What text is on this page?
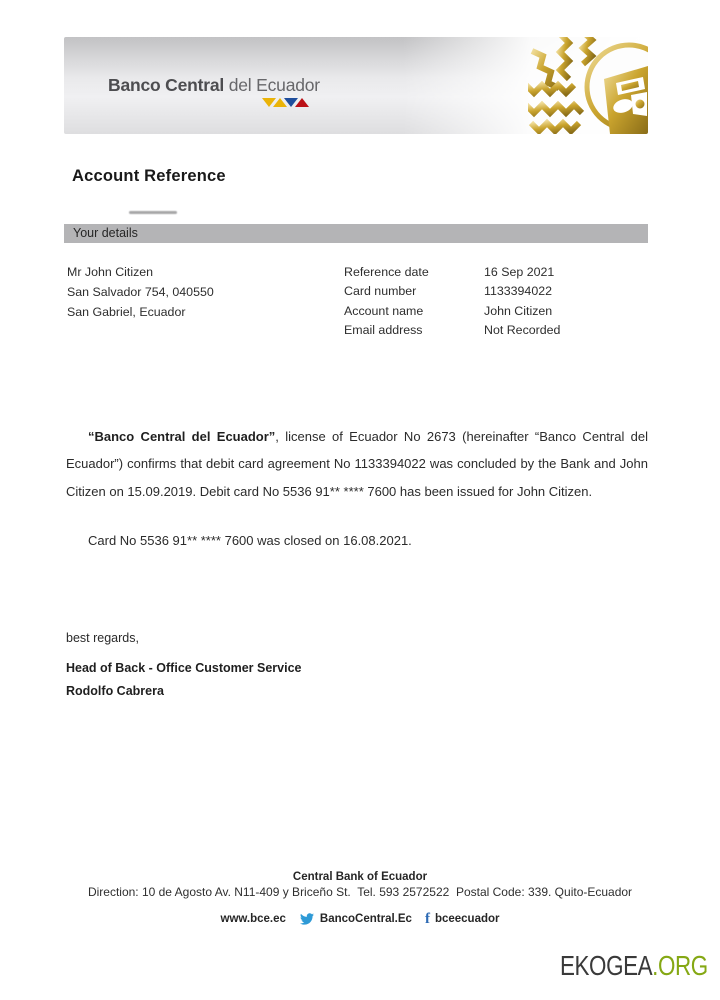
Banco Central del Ecuador
Account Reference
Your details
Mr John Citizen
San Salvador 754, 040550
San Gabriel, Ecuador
Reference date	16 Sep 2021
Card number	1133394022
Account name	John Citizen
Email address	Not Recorded
“Banco Central del Ecuador”, license of Ecuador No 2673 (hereinafter “Banco Central del Ecuador”) confirms that debit card agreement No 1133394022 was concluded by the Bank and John Citizen on 15.09.2019. Debit card No 5536 91** **** 7600 has been issued for John Citizen.
Card No 5536 91** **** 7600 was closed on 16.08.2021.
best regards,
Head of Back - Office Customer Service
Rodolfo Cabrera
Central Bank of Ecuador
Direction: 10 de Agosto Av. N11-409 y Briceño St.  Tel. 593 2572522  Postal Code: 339. Quito-Ecuador
www.bce.ec	BancoCentral.Ec f bceecuador
EKOGEA.ORG
